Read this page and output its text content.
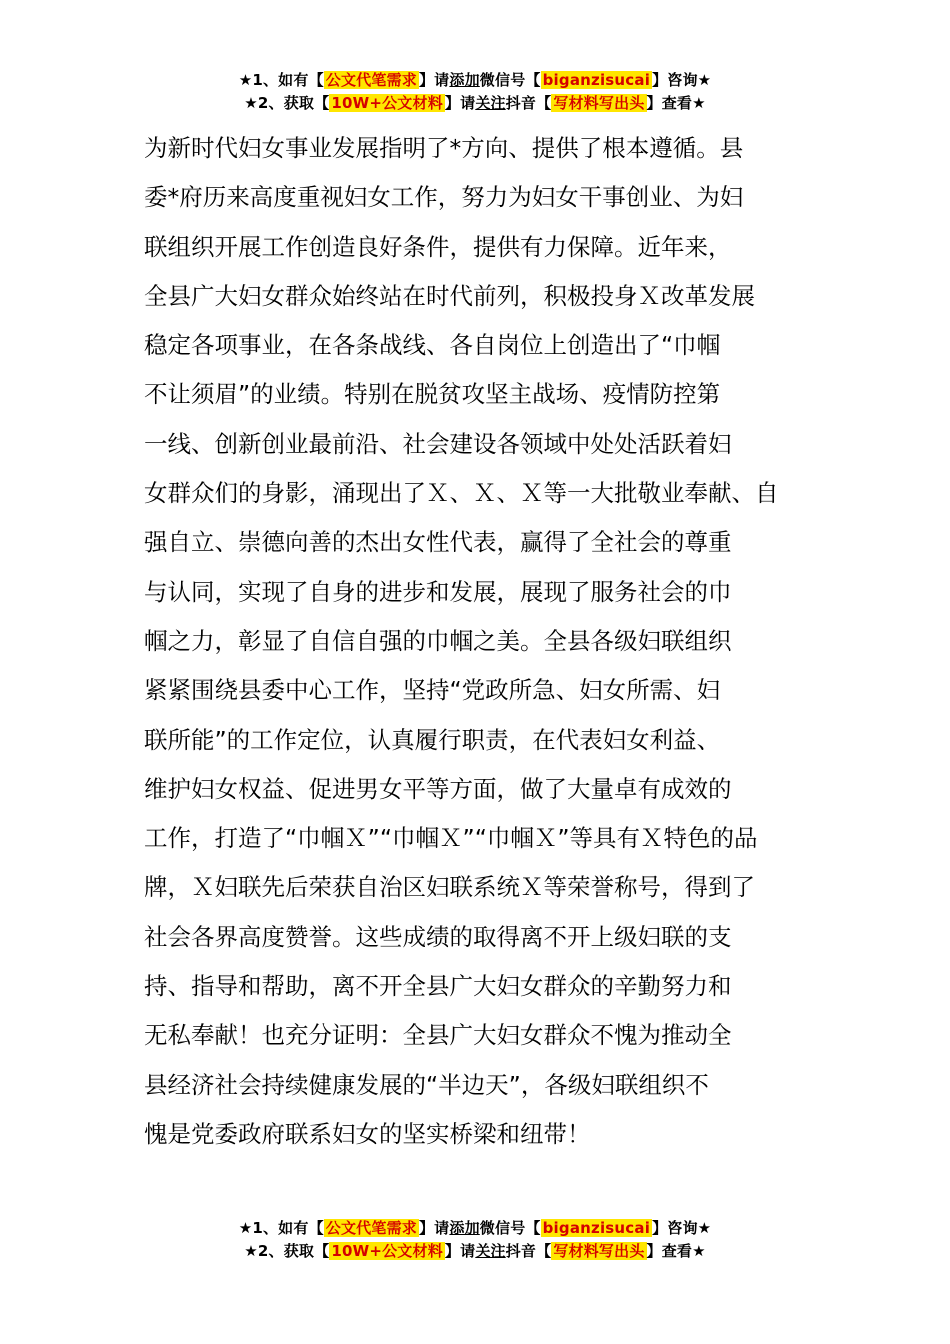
★1、如有【 公文代笔需求 】请添加微信号【 biganzisucai 】咨询★
★2、获取【 10W+公文材料 】请关注抖音【 写材料写出头 】查看★
为新时代妇女事业发展指明了*方向、提供了根本遵循。县
委*府历来高度重视妇女工作，努力为妇女干事创业、为妇
联组织开展工作创造良好条件，提供有力保障。近年来，
全县广大妇女群众始终站在时代前列，积极投身Ｘ改革发展
稳定各项事业，在各条战线、各自岗位上创造出了“巾帼
不让须眉”的业绩。特别在脱贫攻坚主战场、疫情防控第
一线、创新创业最前沿、社会建设各领域中处处活跃着妇
女群众们的身影，涌现出了Ｘ、Ｘ、Ｘ等一大批敬业奉献、自
强自立、崇德向善的杰出女性代表，赢得了全社会的尊重
与认同，实现了自身的进步和发展，展现了服务社会的巾
帼之力，彰显了自信自强的巾帼之美。全县各级妇联组织
紧紧围绕县委中心工作，坚持“党政所急、妇女所需、妇
联所能”的工作定位，认真履行职责，在代表妇女利益、
维护妇女权益、促进男女平等方面，做了大量卓有成效的
工作，打造了“巾帼Ｘ”“巾帼Ｘ”“巾帼Ｘ”等具有Ｘ特色的品
牌，Ｘ妇联先后荣获自治区妇联系统Ｘ等荣誉称号，得到了
社会各界高度赞誉。这些成绩的取得离不开上级妇联的支
持、指导和帮助，离不开全县广大妇女群众的辛勤努力和
无私奉献！也充分证明：全县广大妇女群众不愧为推动全
县经济社会持续健康发展的“半边天”，各级妇联组织不
愧是党委政府联系妇女的坚实桥梁和纽带！
★1、如有【 公文代笔需求 】请添加微信号【 biganzisucai 】咨询★
★2、获取【 10W+公文材料 】请关注抖音【 写材料写出头 】查看★
